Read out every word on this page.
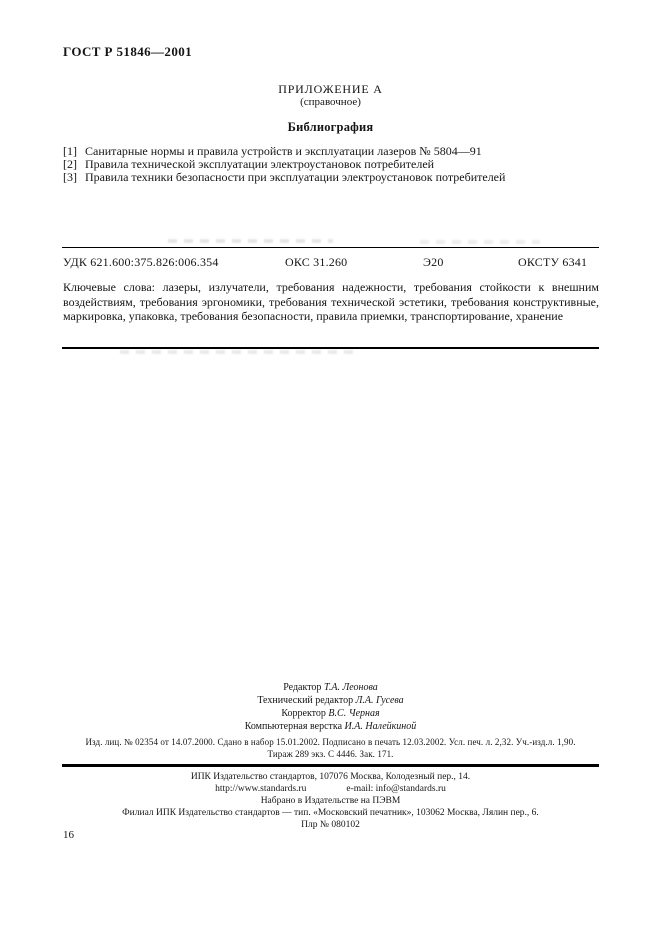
ГОСТ Р 51846—2001
ПРИЛОЖЕНИЕ А
(справочное)
Библиография
[1] Санитарные нормы и правила устройств и эксплуатации лазеров № 5804—91
[2] Правила технической эксплуатации электроустановок потребителей
[3] Правила техники безопасности при эксплуатации электроустановок потребителей
УДК 621.600:375.826:006.354	ОКС 31.260	Э20	ОКСТУ 6341
Ключевые слова: лазеры, излучатели, требования надежности, требования стойкости к внешним воздействиям, требования эргономики, требования технической эстетики, требования конструктивные, маркировка, упаковка, требования безопасности, правила приемки, транспортирование, хранение
Редактор Т.А. Леонова
Технический редактор Л.А. Гусева
Корректор В.С. Черная
Компьютерная верстка И.А. Налейкиной
Изд. лиц. № 02354 от 14.07.2000. Сдано в набор 15.01.2002. Подписано в печать 12.03.2002. Усл. печ. л. 2,32. Уч.-изд.л. 1,90.
Тираж 289 экз. С 4446. Зак. 171.
ИПК Издательство стандартов, 107076 Москва, Колодезный пер., 14.
http://www.standards.ru	e-mail: info@standards.ru
Набрано в Издательстве на ПЭВМ
Филиал ИПК Издательство стандартов — тип. «Московский печатник», 103062 Москва, Лялин пер., 6.
Плр № 080102
16
